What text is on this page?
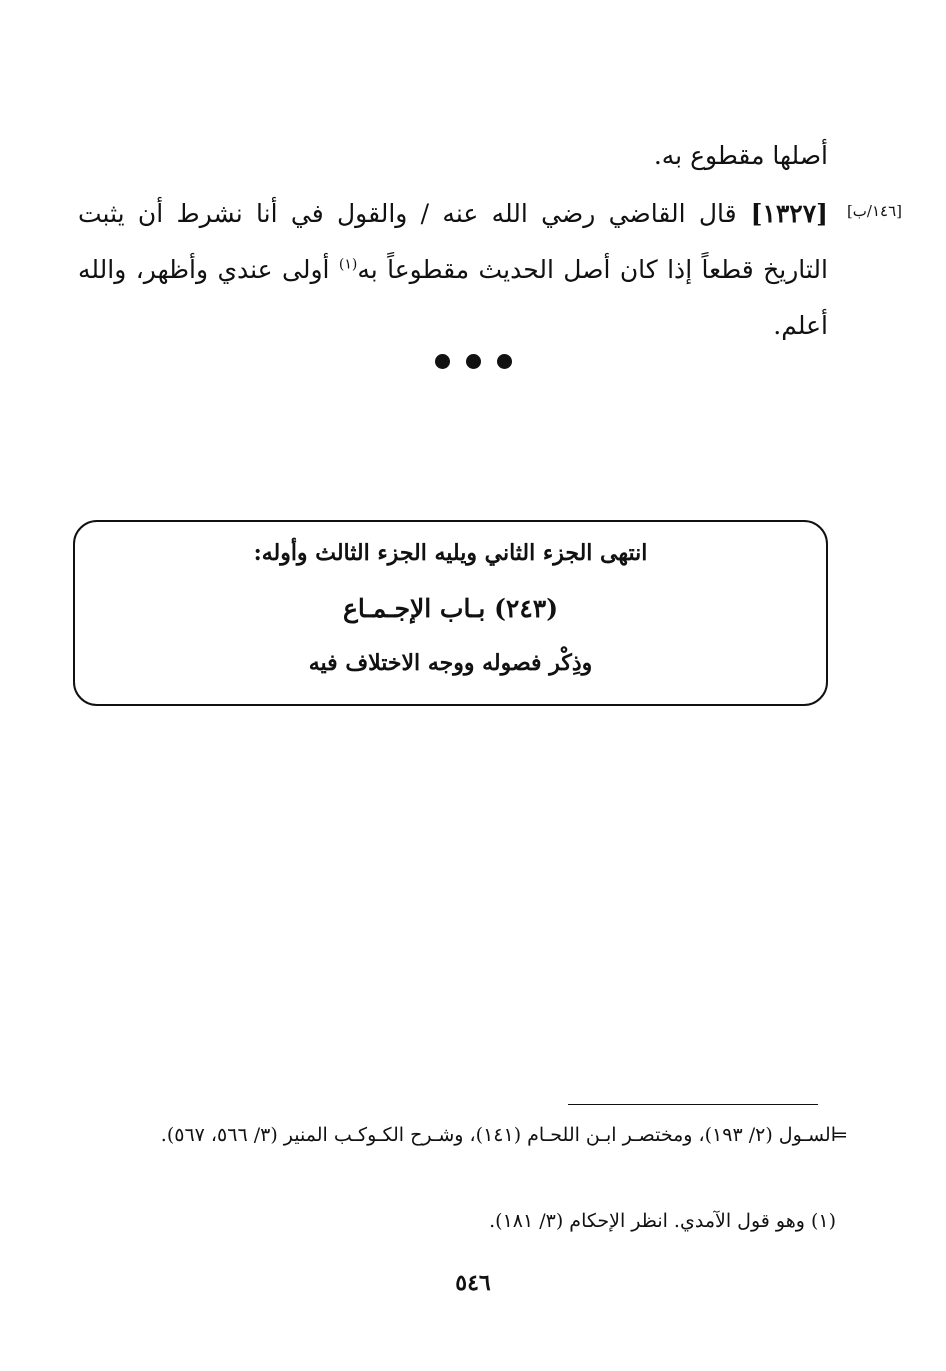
أصلها مقطوع به.
[١٤٦/ب]
[١٣٢٧]قال القاضي رضي الله عنه / والقول في أنا نشرط أن يثبت التاريخ قطعاً إذا كان أصل الحديث مقطوعاً به$^{(١)}$ أولى عندي وأظهر، والله أعلم.
انتهى الجزء الثاني ويليه الجزء الثالث وأوله:
(٢٤٣) بـاب الإجـمـاع
وذِكْر فصوله ووجه الاختلاف فيه
=
السـول (٢/ ١٩٣)، ومختصـر ابـن اللحـام (١٤١)، وشـرح الكـوكـب المنير (٣/ ٥٦٦، ٥٦٧).
(١) وهو قول الآمدي. انظر الإحكام (٣/ ١٨١).
٥٤٦
